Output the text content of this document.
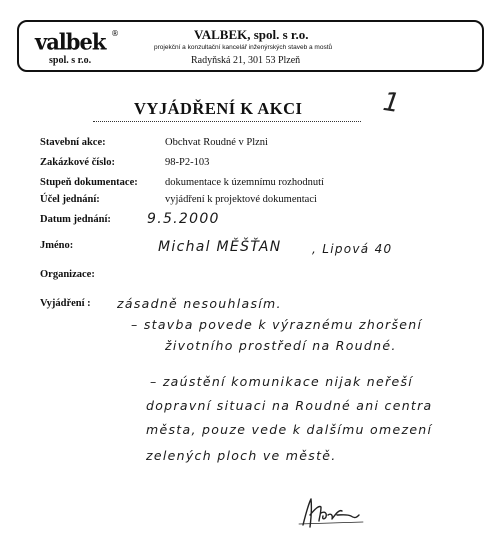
valbek ®
spol. s r.o.
VALBEK, spol. s r.o.
projekční a konzultační kancelář inženýrských staveb a mostů
Radyňská 21, 301 53 Plzeň
VYJÁDŘENÍ K AKCI	1
Stavební akce:	Obchvat Roudné v Plzni
Zakázkové číslo:	98-P2-103
Stupeň dokumentace:	dokumentace k územnímu rozhodnutí
Účel jednání:	vyjádření k projektové dokumentaci
Datum jednání:	9.5.2000
Jméno:	Michal MĚŠŤAN	, Lipová 40
Organizace:
Vyjádření : zásadně nesouhlasím.
– stavba povede k výraznému zhoršení
životního prostředí na Roudné.
– zaústění komunikace nijak neřeší
dopravní situaci na Roudné ani centra
města, pouze vede k dalšímu omezení
zelených ploch ve městě.
